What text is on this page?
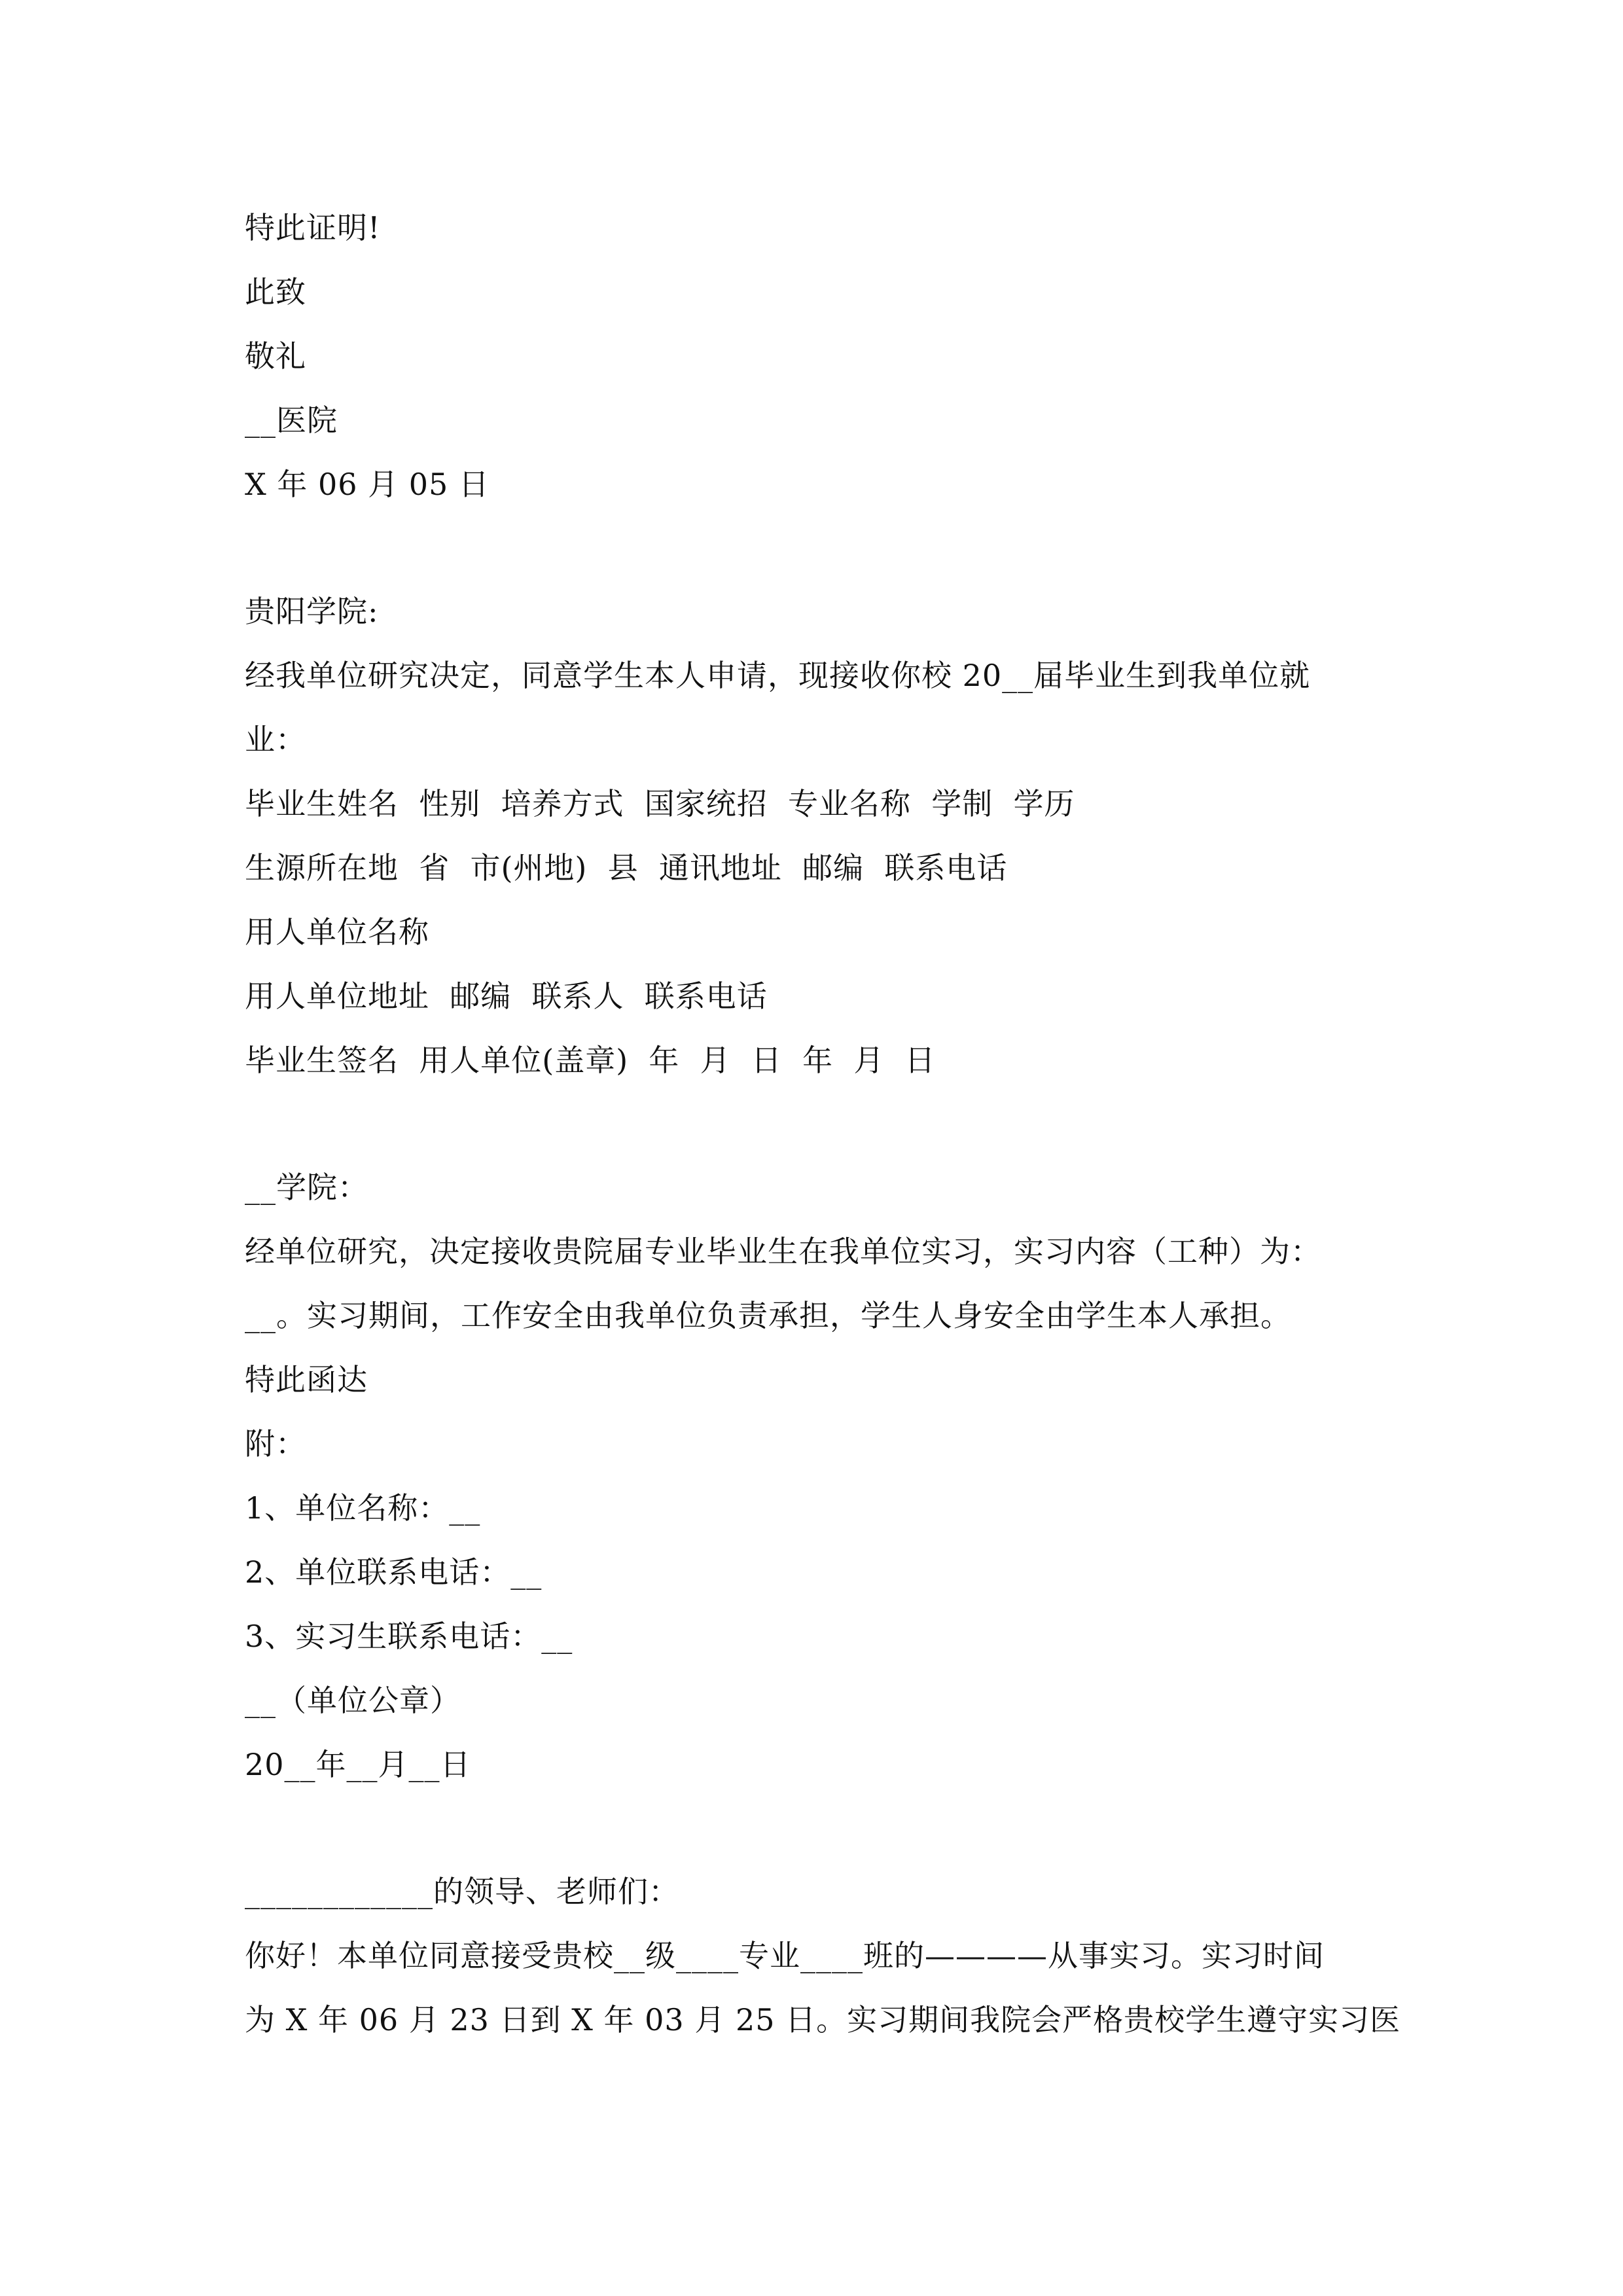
特此证明!
此致
敬礼
__医院
X 年 06 月 05 日
贵阳学院:
经我单位研究决定，同意学生本人申请，现接收你校 20__届毕业生到我单位就
业：
毕业生姓名  性别  培养方式  国家统招  专业名称  学制  学历
生源所在地  省  市(州地)  县  通讯地址  邮编  联系电话
用人单位名称
用人单位地址  邮编  联系人  联系电话
毕业生签名  用人单位(盖章)  年  月  日  年  月  日
__学院：
经单位研究，决定接收贵院届专业毕业生在我单位实习，实习内容（工种）为：
__。实习期间，工作安全由我单位负责承担，学生人身安全由学生本人承担。
特此函达
附：
1、单位名称：__
2、单位联系电话：__
3、实习生联系电话：__
__（单位公章）
20__年__月__日
____________的领导、老师们：
你好！本单位同意接受贵校__级____专业____班的————从事实习。实习时间
为 X 年 06 月 23 日到 X 年 03 月 25 日。实习期间我院会严格贵校学生遵守实习医
